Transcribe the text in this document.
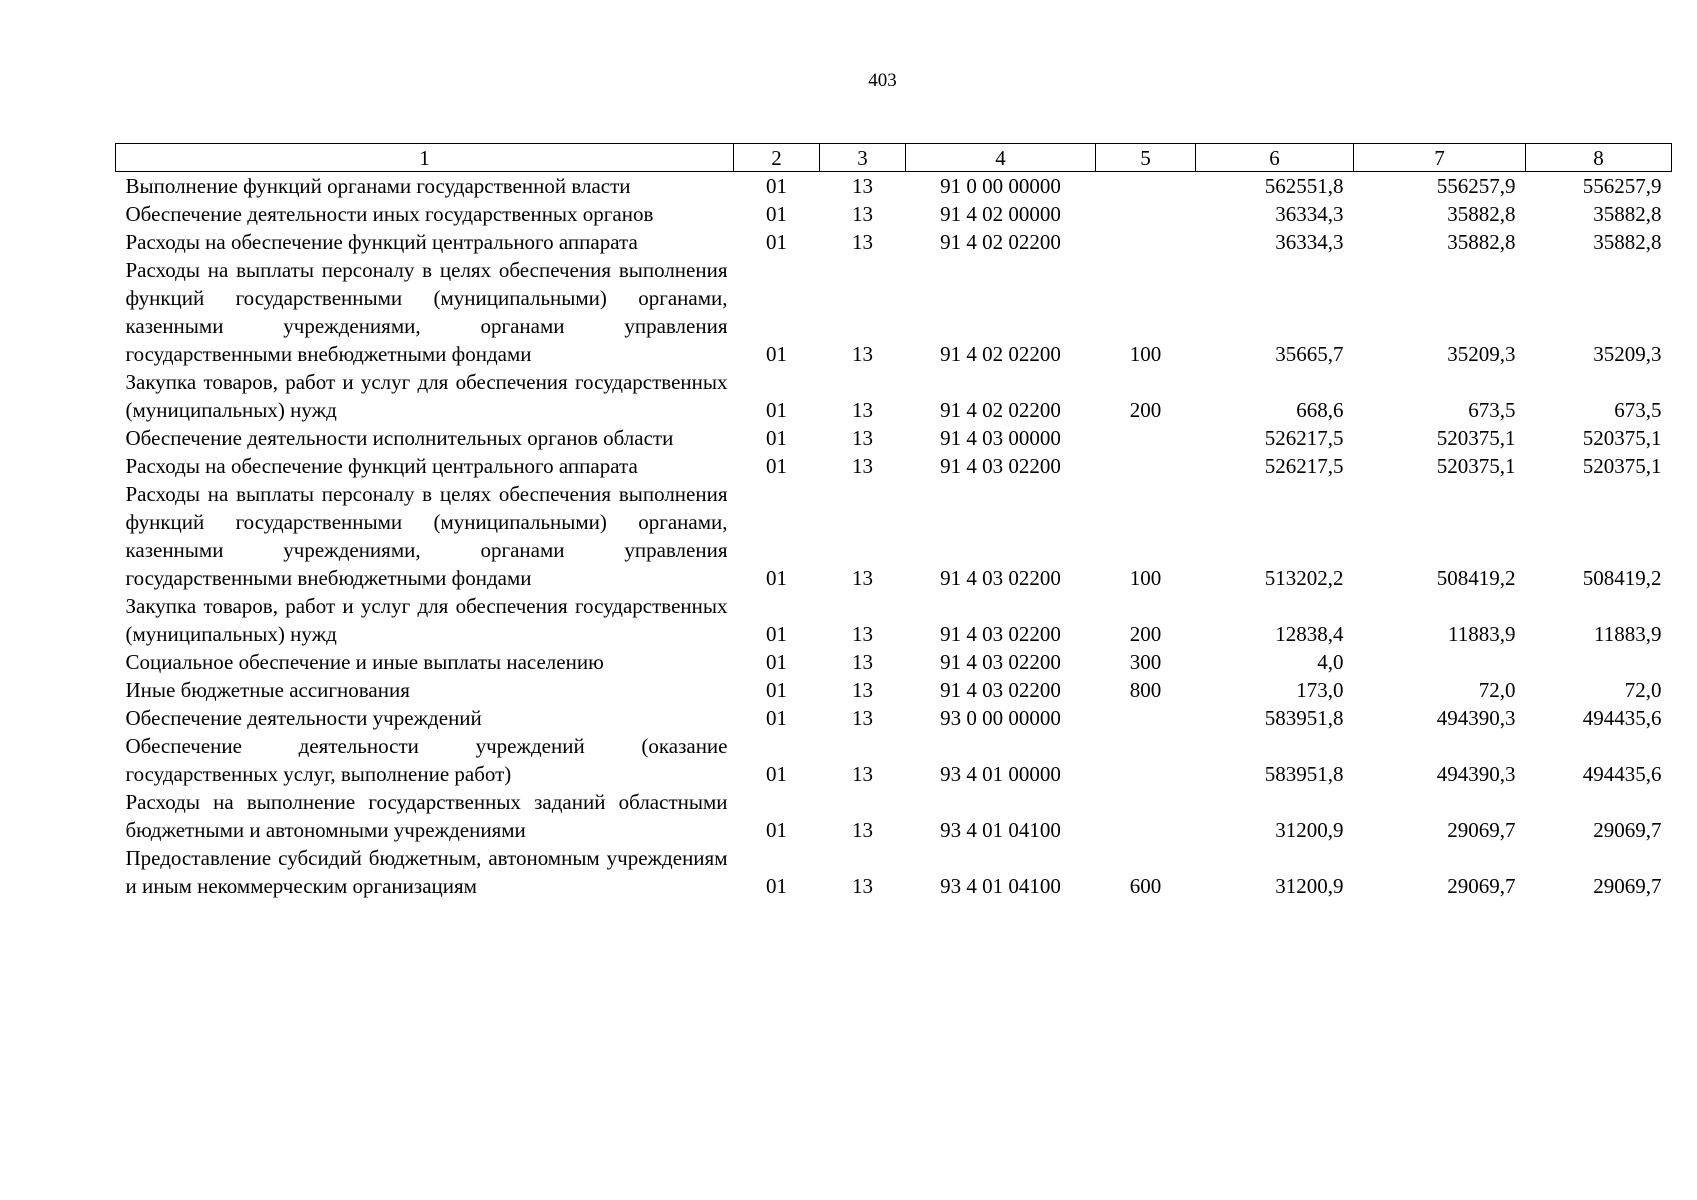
403
1	2	3	4	5	6	7	8
Выполнение функций органами государственной власти	01	13	91 0 00 00000		562551,8	556257,9	556257,9
Обеспечение деятельности иных государственных органов	01	13	91 4 02 00000		36334,3	35882,8	35882,8
Расходы на обеспечение функций центрального аппарата	01	13	91 4 02 02200		36334,3	35882,8	35882,8
Расходы на выплаты персоналу в целях обеспечения выполнения функций государственными (муниципальными) органами, казенными учреждениями, органами управления государственными внебюджетными фондами	01	13	91 4 02 02200	100	35665,7	35209,3	35209,3
Закупка товаров, работ и услуг для обеспечения государственных (муниципальных) нужд	01	13	91 4 02 02200	200	668,6	673,5	673,5
Обеспечение деятельности исполнительных органов области	01	13	91 4 03 00000		526217,5	520375,1	520375,1
Расходы на обеспечение функций центрального аппарата	01	13	91 4 03 02200		526217,5	520375,1	520375,1
Расходы на выплаты персоналу в целях обеспечения выполнения функций государственными (муниципальными) органами, казенными учреждениями, органами управления государственными внебюджетными фондами	01	13	91 4 03 02200	100	513202,2	508419,2	508419,2
Закупка товаров, работ и услуг для обеспечения государственных (муниципальных) нужд	01	13	91 4 03 02200	200	12838,4	11883,9	11883,9
Социальное обеспечение и иные выплаты населению	01	13	91 4 03 02200	300	4,0		
Иные бюджетные ассигнования	01	13	91 4 03 02200	800	173,0	72,0	72,0
Обеспечение деятельности учреждений	01	13	93 0 00 00000		583951,8	494390,3	494435,6
Обеспечение деятельности учреждений (оказание государственных услуг, выполнение работ)	01	13	93 4 01 00000		583951,8	494390,3	494435,6
Расходы на выполнение государственных заданий областными бюджетными и автономными учреждениями	01	13	93 4 01 04100		31200,9	29069,7	29069,7
Предоставление субсидий бюджетным, автономным учреждениям и иным некоммерческим организациям	01	13	93 4 01 04100	600	31200,9	29069,7	29069,7
